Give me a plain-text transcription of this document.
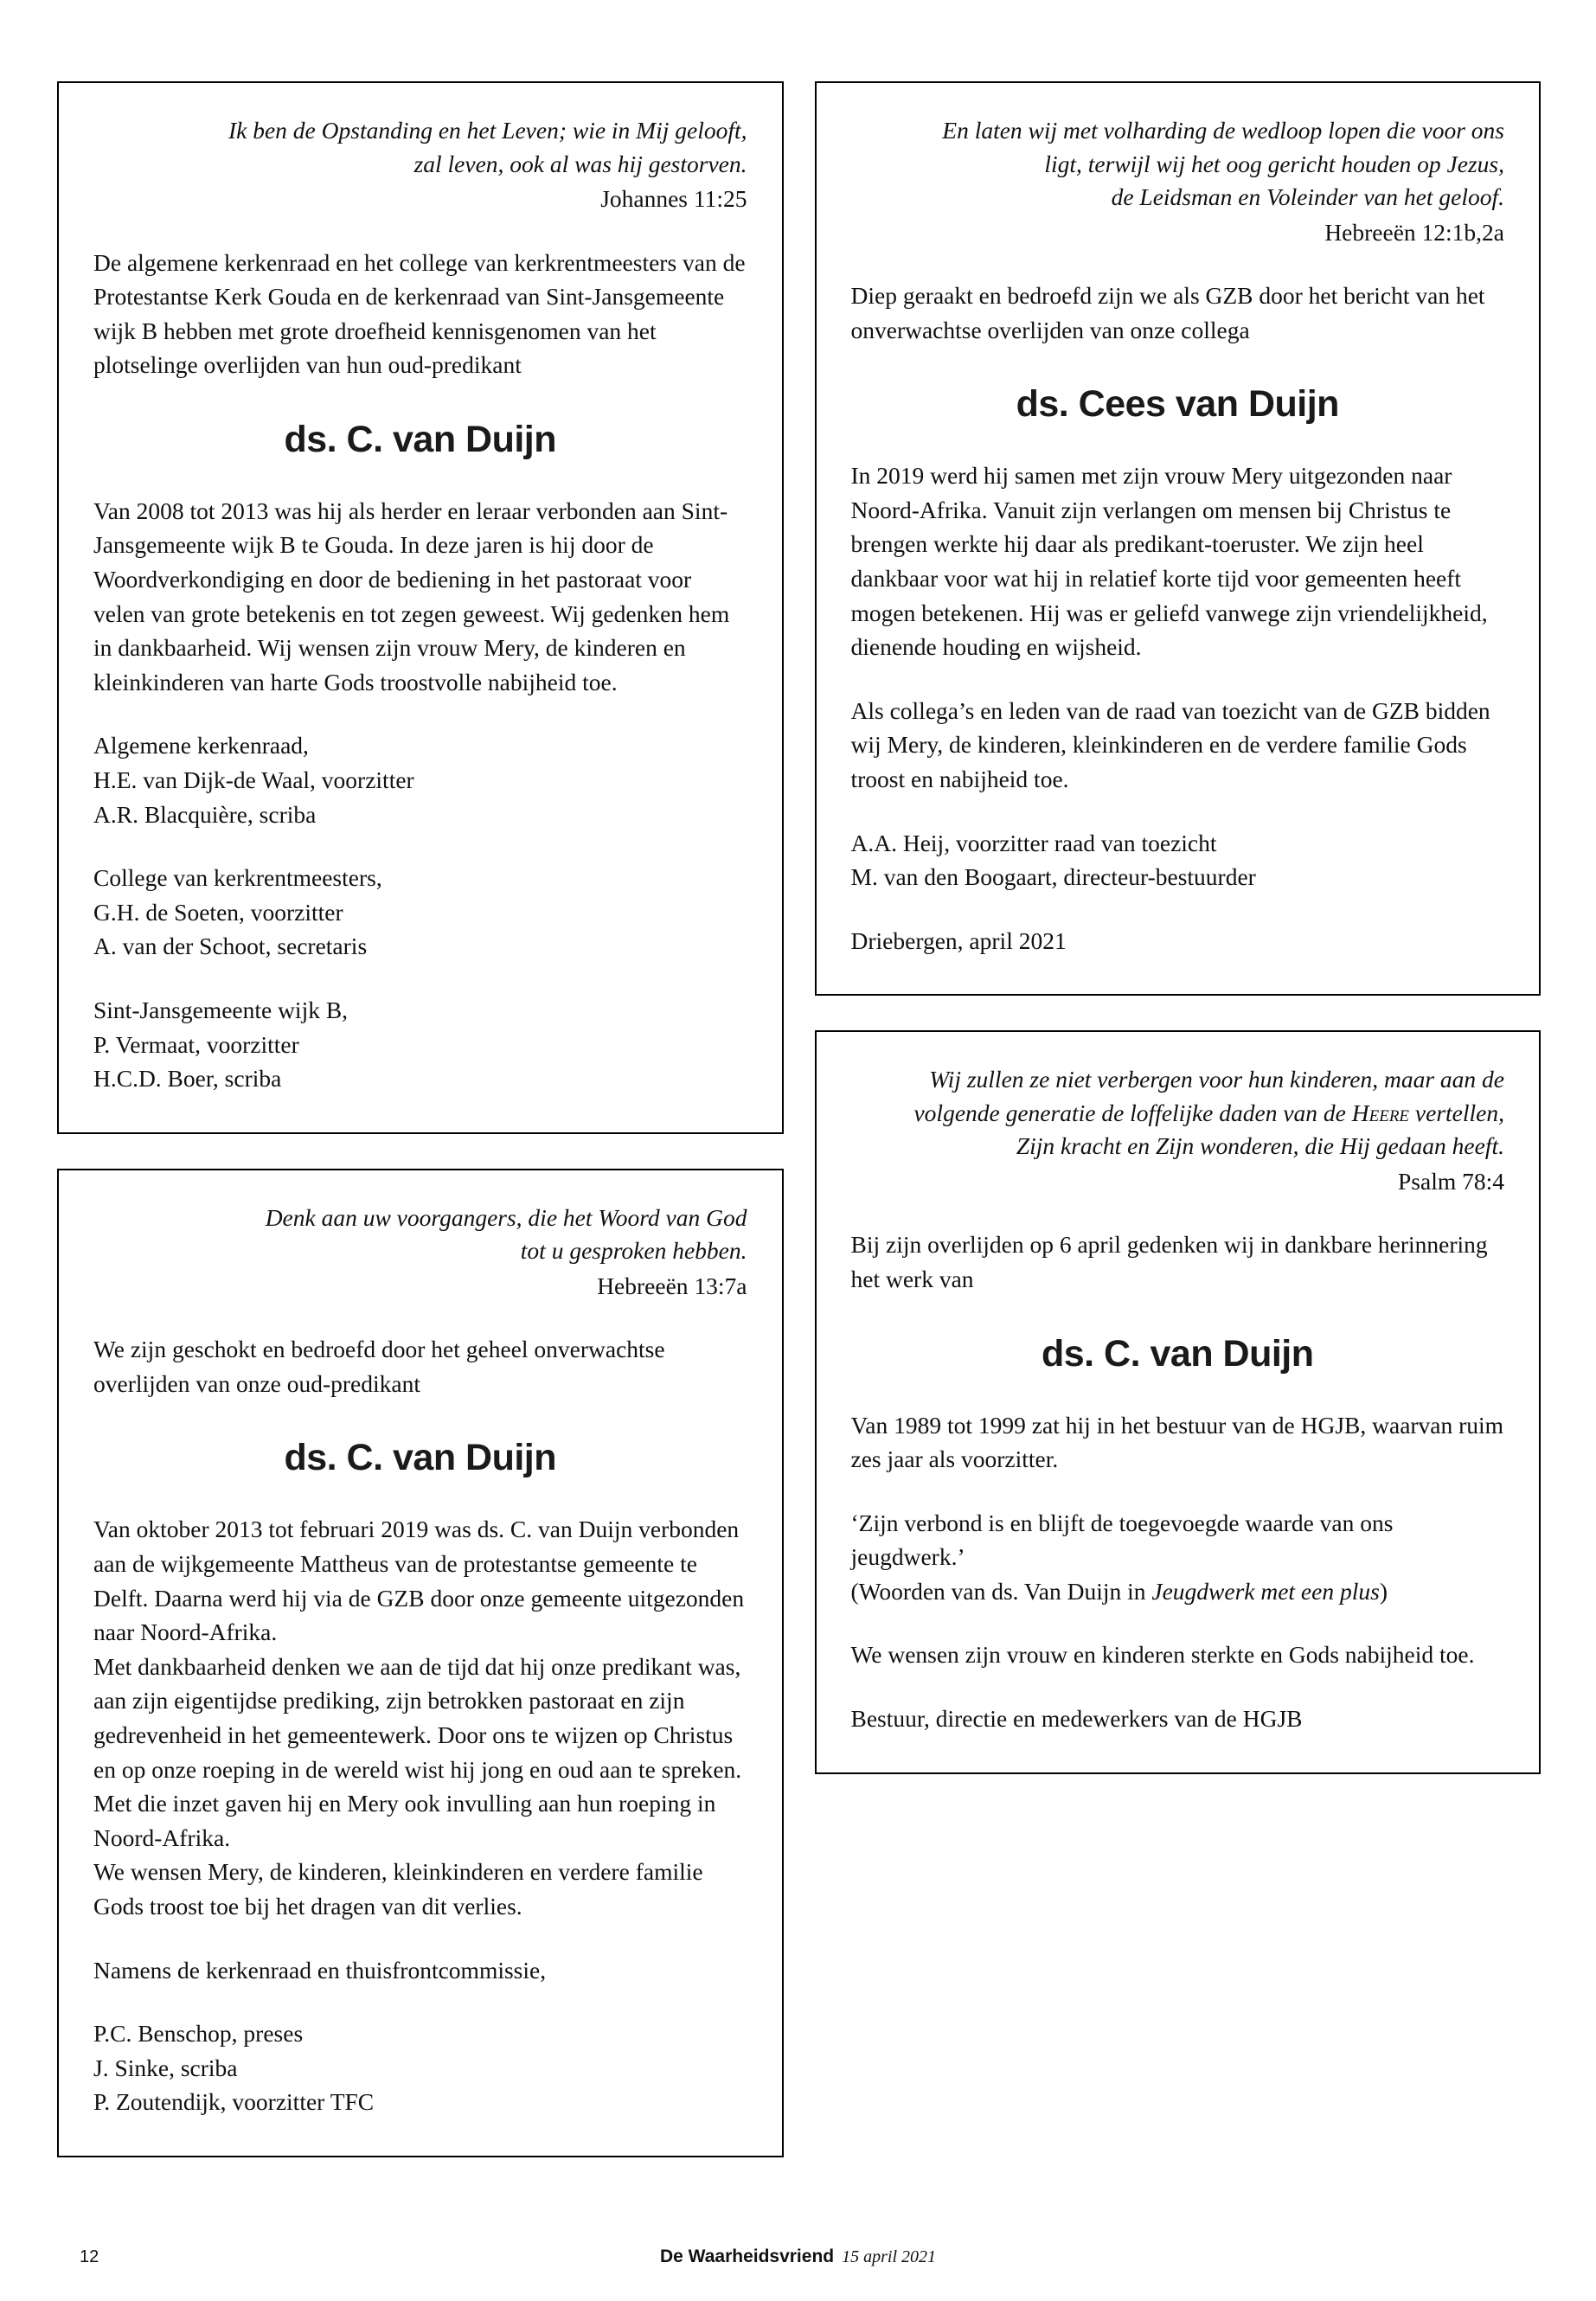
Ik ben de Opstanding en het Leven; wie in Mij gelooft,
zal leven, ook al was hij gestorven.
Johannes 11:25

De algemene kerkenraad en het college van kerkrentmeesters van de Protestantse Kerk Gouda en de kerkenraad van Sint-Jansgemeente wijk B hebben met grote droefheid kennisgenomen van het plotselinge overlijden van hun oud-predikant

ds. C. van Duijn

Van 2008 tot 2013 was hij als herder en leraar verbonden aan Sint-Jansgemeente wijk B te Gouda. In deze jaren is hij door de Woordverkondiging en door de bediening in het pastoraat voor velen van grote betekenis en tot zegen geweest. Wij gedenken hem in dankbaarheid. Wij wensen zijn vrouw Mery, de kinderen en kleinkinderen van harte Gods troostvolle nabijheid toe.

Algemene kerkenraad,
H.E. van Dijk-de Waal, voorzitter
A.R. Blacquière, scriba
College van kerkrentmeesters,
G.H. de Soeten, voorzitter
A. van der Schoot, secretaris
Sint-Jansgemeente wijk B,
P. Vermaat, voorzitter
H.C.D. Boer, scriba
Denk aan uw voorgangers, die het Woord van God
tot u gesproken hebben.
Hebreeën 13:7a

We zijn geschokt en bedroefd door het geheel onverwachtse overlijden van onze oud-predikant

ds. C. van Duijn

Van oktober 2013 tot februari 2019 was ds. C. van Duijn verbonden aan de wijkgemeente Mattheus van de protestantse gemeente te Delft. Daarna werd hij via de GZB door onze gemeente uitgezonden naar Noord-Afrika.

Met dankbaarheid denken we aan de tijd dat hij onze predikant was, aan zijn eigentijdse prediking, zijn betrokken pastoraat en zijn gedrevenheid in het gemeentewerk. Door ons te wijzen op Christus en op onze roeping in de wereld wist hij jong en oud aan te spreken. Met die inzet gaven hij en Mery ook invulling aan hun roeping in Noord-Afrika.

We wensen Mery, de kinderen, kleinkinderen en verdere familie Gods troost toe bij het dragen van dit verlies.

Namens de kerkenraad en thuisfrontcommissie,

P.C. Benschop, preses
J. Sinke, scriba
P. Zoutendijk, voorzitter TFC
En laten wij met volharding de wedloop lopen die voor ons
ligt, terwijl wij het oog gericht houden op Jezus,
de Leidsman en Voleinder van het geloof.
Hebreeën 12:1b,2a

Diep geraakt en bedroefd zijn we als GZB door het bericht van het onverwachtse overlijden van onze collega

ds. Cees van Duijn

In 2019 werd hij samen met zijn vrouw Mery uitgezonden naar Noord-Afrika. Vanuit zijn verlangen om mensen bij Christus te brengen werkte hij daar als predikant-toeruster. We zijn heel dankbaar voor wat hij in relatief korte tijd voor gemeenten heeft mogen betekenen. Hij was er geliefd vanwege zijn vriendelijkheid, dienende houding en wijsheid.

Als collega’s en leden van de raad van toezicht van de GZB bidden wij Mery, de kinderen, kleinkinderen en de verdere familie Gods troost en nabijheid toe.

A.A. Heij, voorzitter raad van toezicht
M. van den Boogaart, directeur-bestuurder

Driebergen, april 2021

Wij zullen ze niet verbergen voor hun kinderen, maar aan de
volgende generatie de loffelijke daden van de Heere vertellen,
Zijn kracht en Zijn wonderen, die Hij gedaan heeft.
Psalm 78:4

Bij zijn overlijden op 6 april gedenken wij in dankbare herinnering het werk van

ds. C. van Duijn

Van 1989 tot 1999 zat hij in het bestuur van de HGJB, waarvan ruim zes jaar als voorzitter.

‘Zijn verbond is en blijft de toegevoegde waarde van ons jeugdwerk.’

(Woorden van ds. Van Duijn in Jeugdwerk met een plus)

We wensen zijn vrouw en kinderen sterkte en Gods nabijheid toe.

Bestuur, directie en medewerkers van de HGJB

12	De Waarheidsvriend 15 april 2021
